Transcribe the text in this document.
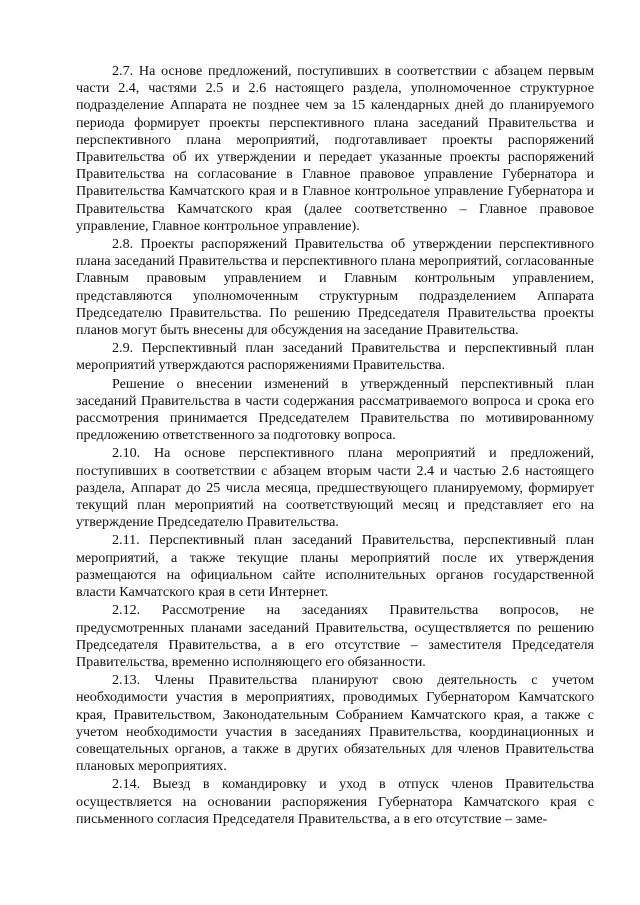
2.7. На основе предложений, поступивших в соответствии с абзацем первым части 2.4, частями 2.5 и 2.6 настоящего раздела, уполномоченное структурное подразделение Аппарата не позднее чем за 15 календарных дней до планируемого периода формирует проекты перспективного плана заседаний Правительства и перспективного плана мероприятий, подготавливает проекты распоряжений Правительства об их утверждении и передает указанные проекты распоряжений Правительства на согласование в Главное правовое управление Губернатора и Правительства Камчатского края и в Главное контрольное управление Губернатора и Правительства Камчатского края (далее соответственно – Главное правовое управление, Главное контрольное управление).

2.8. Проекты распоряжений Правительства об утверждении перспективного плана заседаний Правительства и перспективного плана мероприятий, согласованные Главным правовым управлением и Главным контрольным управлением, представляются уполномоченным структурным подразделением Аппарата Председателю Правительства. По решению Председателя Правительства проекты планов могут быть внесены для обсуждения на заседание Правительства.

2.9. Перспективный план заседаний Правительства и перспективный план мероприятий утверждаются распоряжениями Правительства.

Решение о внесении изменений в утвержденный перспективный план заседаний Правительства в части содержания рассматриваемого вопроса и срока его рассмотрения принимается Председателем Правительства по мотивированному предложению ответственного за подготовку вопроса.

2.10. На основе перспективного плана мероприятий и предложений, поступивших в соответствии с абзацем вторым части 2.4 и частью 2.6 настоящего раздела, Аппарат до 25 числа месяца, предшествующего планируемому, формирует текущий план мероприятий на соответствующий месяц и представляет его на утверждение Председателю Правительства.

2.11. Перспективный план заседаний Правительства, перспективный план мероприятий, а также текущие планы мероприятий после их утверждения размещаются на официальном сайте исполнительных органов государственной власти Камчатского края в сети Интернет.

2.12. Рассмотрение на заседаниях Правительства вопросов, не предусмотренных планами заседаний Правительства, осуществляется по решению Председателя Правительства, а в его отсутствие – заместителя Председателя Правительства, временно исполняющего его обязанности.

2.13. Члены Правительства планируют свою деятельность с учетом необходимости участия в мероприятиях, проводимых Губернатором Камчатского края, Правительством, Законодательным Собранием Камчатского края, а также с учетом необходимости участия в заседаниях Правительства, координационных и совещательных органов, а также в других обязательных для членов Правительства плановых мероприятиях.

2.14. Выезд в командировку и уход в отпуск членов Правительства осуществляется на основании распоряжения Губернатора Камчатского края с письменного согласия Председателя Правительства, а в его отсутствие – заме-
